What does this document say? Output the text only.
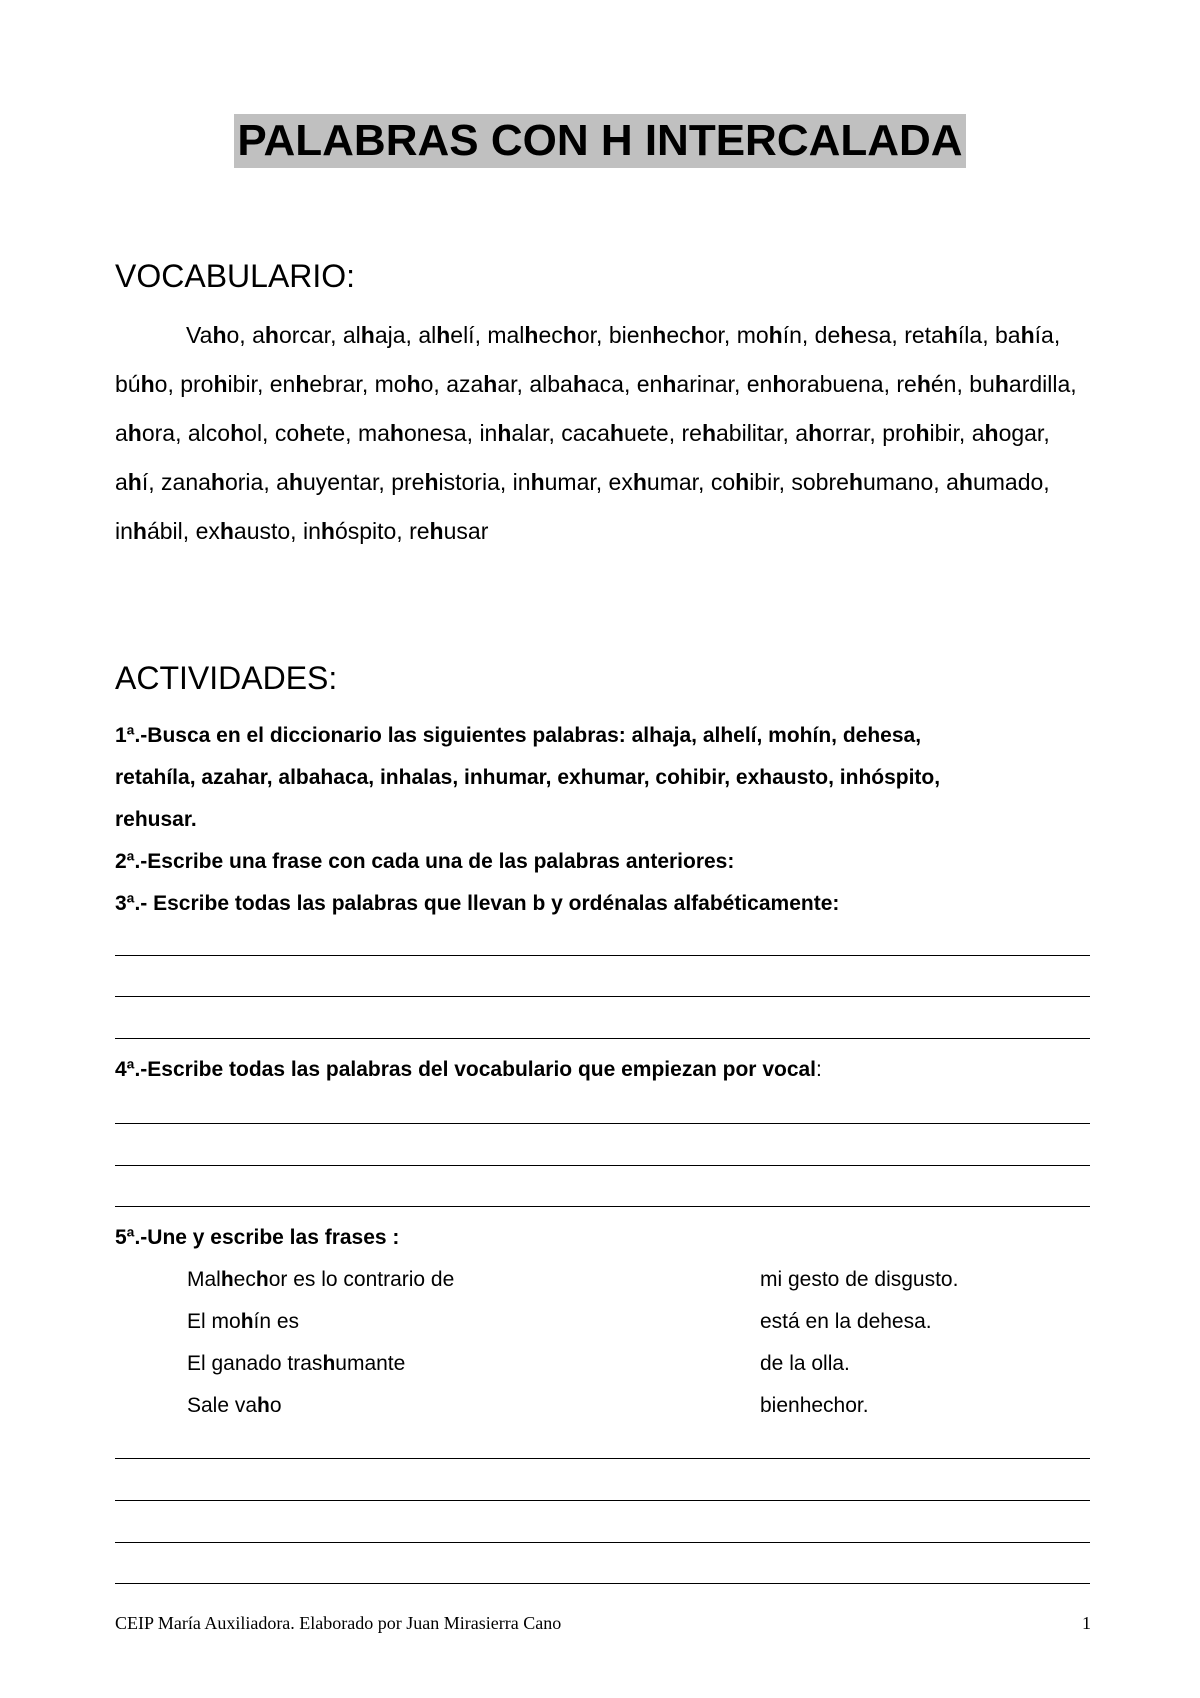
PALABRAS CON H INTERCALADA
VOCABULARIO:
Vaho, ahorcar, alhaja, alhelí, malhechor, bienhechor, mohín, dehesa, retahíla, bahía, búho, prohibir, enhebrar, moho, azahar, albahaca, enharinar, enhorabuena, rehén, buhardilla, ahora, alcohol, cohete, mahonesa, inhalar, cacahuete, rehabilitar, ahorrar, prohibir, ahogar, ahí, zanahoria, ahuyentar, prehistoria, inhumar, exhumar, cohibir, sobrehumano, ahumado, inhábil, exhausto, inhóspito, rehusar
ACTIVIDADES:
1ª.-Busca en el diccionario las siguientes palabras: alhaja, alhelí, mohín, dehesa,
retahíla, azahar, albahaca, inhalas, inhumar, exhumar, cohibir, exhausto, inhóspito,
rehusar.
2ª.-Escribe una frase con cada una de las palabras anteriores:
3ª.- Escribe todas las palabras que llevan b y ordénalas alfabéticamente:
4ª.-Escribe todas las palabras del vocabulario que empiezan por vocal:
5ª.-Une y escribe las frases :
Malhechor es lo contrario de
El mohín es
El ganado trashumante
Sale vaho
mi gesto de disgusto.
está en la dehesa.
de la olla.
bienhechor.
CEIP María Auxiliadora. Elaborado por Juan Mirasierra Cano	1
